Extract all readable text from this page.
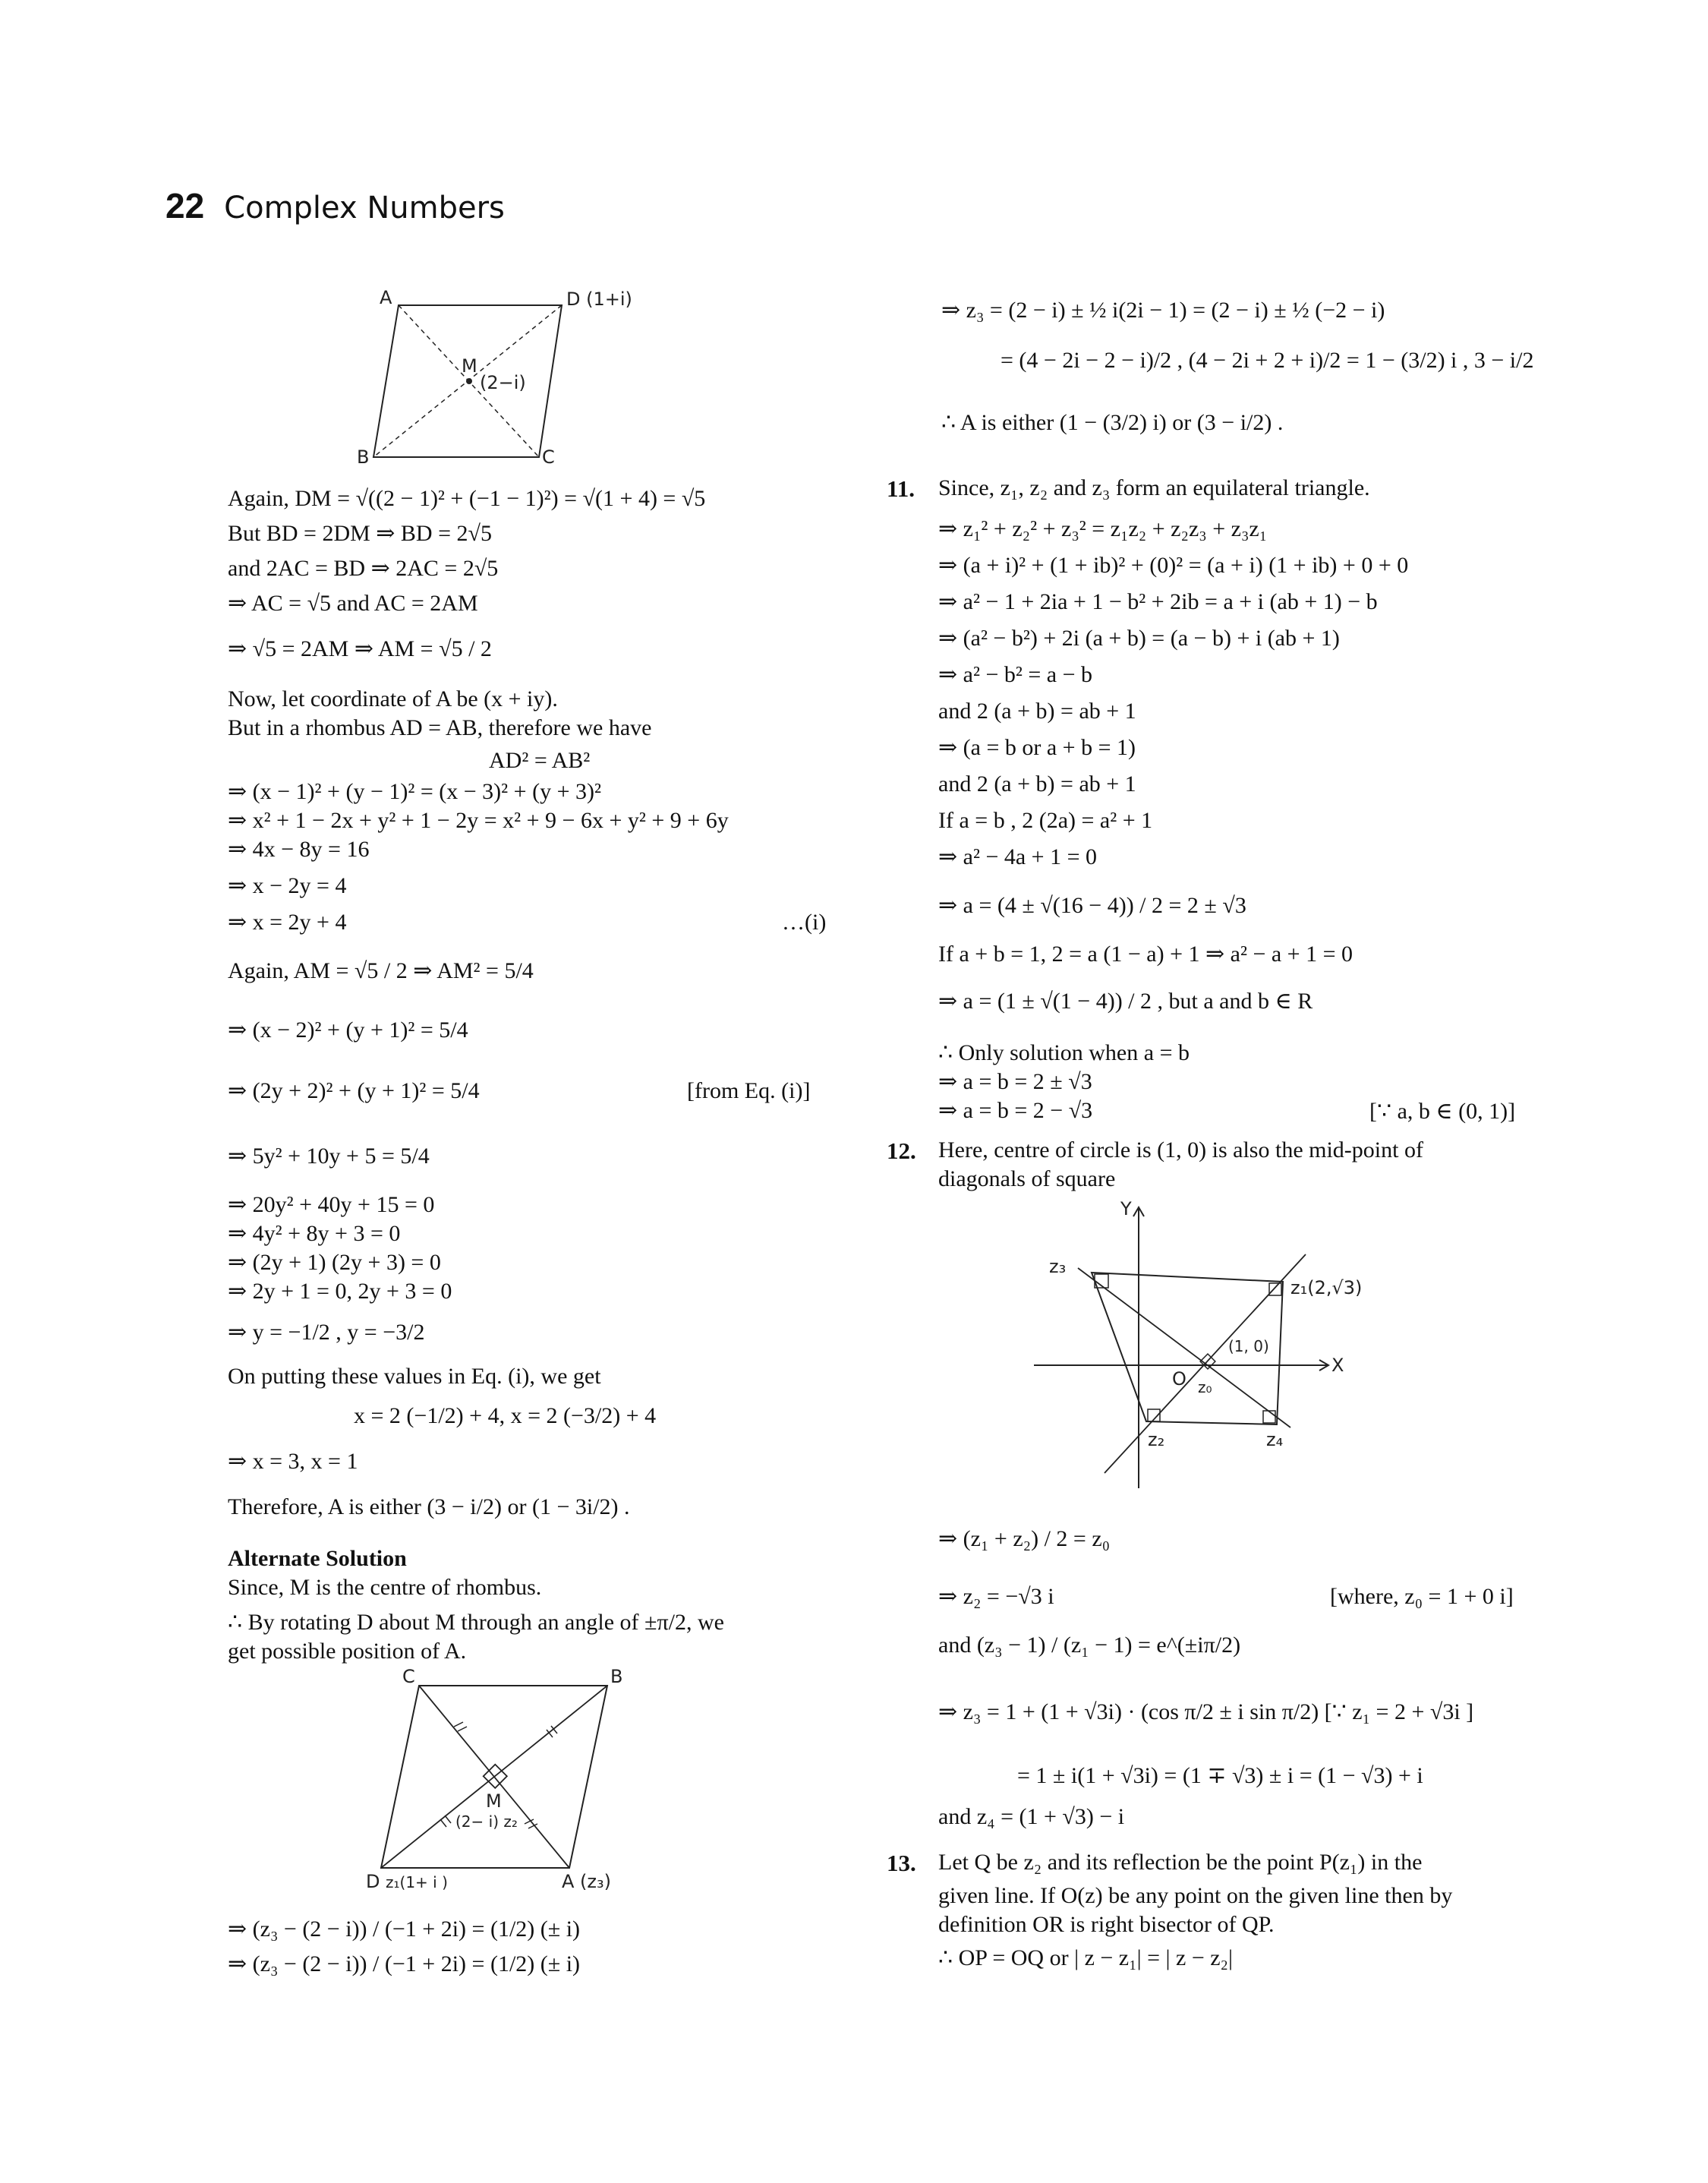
22 Complex Numbers
A	D (1+i)
B	C
M
(2−i)
Again, DM = √((2 − 1)² + (−1 − 1)²) = √(1 + 4) = √5
But BD = 2DM ⇒ BD = 2√5
and 2AC = BD ⇒ 2AC = 2√5
⇒ AC = √5 and AC = 2AM
⇒ √5 = 2AM ⇒ AM = √5 / 2
Now, let coordinate of A be (x + iy).
But in a rhombus AD = AB, therefore we have
AD² = AB²
⇒ (x − 1)² + (y − 1)² = (x − 3)² + (y + 3)²
⇒ x² + 1 − 2x + y² + 1 − 2y = x² + 9 − 6x + y² + 9 + 6y
⇒ 4x − 8y = 16
⇒ x − 2y = 4
⇒ x = 2y + 4	…(i)
Again, AM = √5 / 2 ⇒ AM² = 5/4
⇒ (x − 2)² + (y + 1)² = 5/4
⇒ (2y + 2)² + (y + 1)² = 5/4	[from Eq. (i)]
⇒ 5y² + 10y + 5 = 5/4
⇒ 20y² + 40y + 15 = 0
⇒ 4y² + 8y + 3 = 0
⇒ (2y + 1) (2y + 3) = 0
⇒ 2y + 1 = 0, 2y + 3 = 0
⇒ y = −1/2 , y = −3/2
On putting these values in Eq. (i), we get
x = 2 (−1/2) + 4, x = 2 (−3/2) + 4
⇒ x = 3, x = 1
Therefore, A is either (3 − i/2) or (1 − 3i/2) .
Alternate Solution
Since, M is the centre of rhombus.
∴ By rotating D about M through an angle of ±π/2, we
get possible position of A.
C	B
D z₁(1+ i )	A (z₃)
M
(2− i) z₂
⇒ (z₃ − (2 − i)) / (−1 + 2i) = (1/2) (± i)
⇒ (z₃ − (2 − i)) / (−1 + 2i) = (1/2) (± i)
⇒ z₃ = (2 − i) ± ½ i(2i − 1) = (2 − i) ± ½ (−2 − i)
= (4 − 2i − 2 − i)/2 , (4 − 2i + 2 + i)/2 = 1 − (3/2) i , 3 − i/2
∴ A is either (1 − (3/2) i) or (3 − i/2) .
11. Since, z₁, z₂ and z₃ form an equilateral triangle.
⇒ z₁² + z₂² + z₃² = z₁z₂ + z₂z₃ + z₃z₁
⇒ (a + i)² + (1 + ib)² + (0)² = (a + i) (1 + ib) + 0 + 0
⇒ a² − 1 + 2ia + 1 − b² + 2ib = a + i (ab + 1) − b
⇒ (a² − b²) + 2i (a + b) = (a − b) + i (ab + 1)
⇒ a² − b² = a − b
and 2 (a + b) = ab + 1
⇒ (a = b or a + b = 1)
and 2 (a + b) = ab + 1
If a = b , 2 (2a) = a² + 1
⇒ a² − 4a + 1 = 0
⇒ a = (4 ± √(16 − 4)) / 2 = 2 ± √3
If a + b = 1, 2 = a (1 − a) + 1 ⇒ a² − a + 1 = 0
⇒ a = (1 ± √(1 − 4)) / 2 , but a and b ∈ R
∴ Only solution when a = b
⇒ a = b = 2 ± √3
⇒ a = b = 2 − √3	[∵ a, b ∈ (0, 1)]
12. Here, centre of circle is (1, 0) is also the mid-point of
diagonals of square
Y
X
O z₀
(1, 0)
z₁(2,√3)
z₂
z₃
z₄
⇒ (z₁ + z₂) / 2 = z₀
⇒ z₂ = −√3 i	[where, z₀ = 1 + 0 i]
and (z₃ − 1) / (z₁ − 1) = e^(±iπ/2)
⇒ z₃ = 1 + (1 + √3i) · (cos π/2 ± i sin π/2) [∵ z₁ = 2 + √3i ]
= 1 ± i(1 + √3i) = (1 ∓ √3) ± i = (1 − √3) + i
and z₄ = (1 + √3) − i
13. Let Q be z₂ and its reflection be the point P(z₁) in the
given line. If O(z) be any point on the given line then by
definition OR is right bisector of QP.
∴ OP = OQ or | z − z₁| = | z − z₂|
